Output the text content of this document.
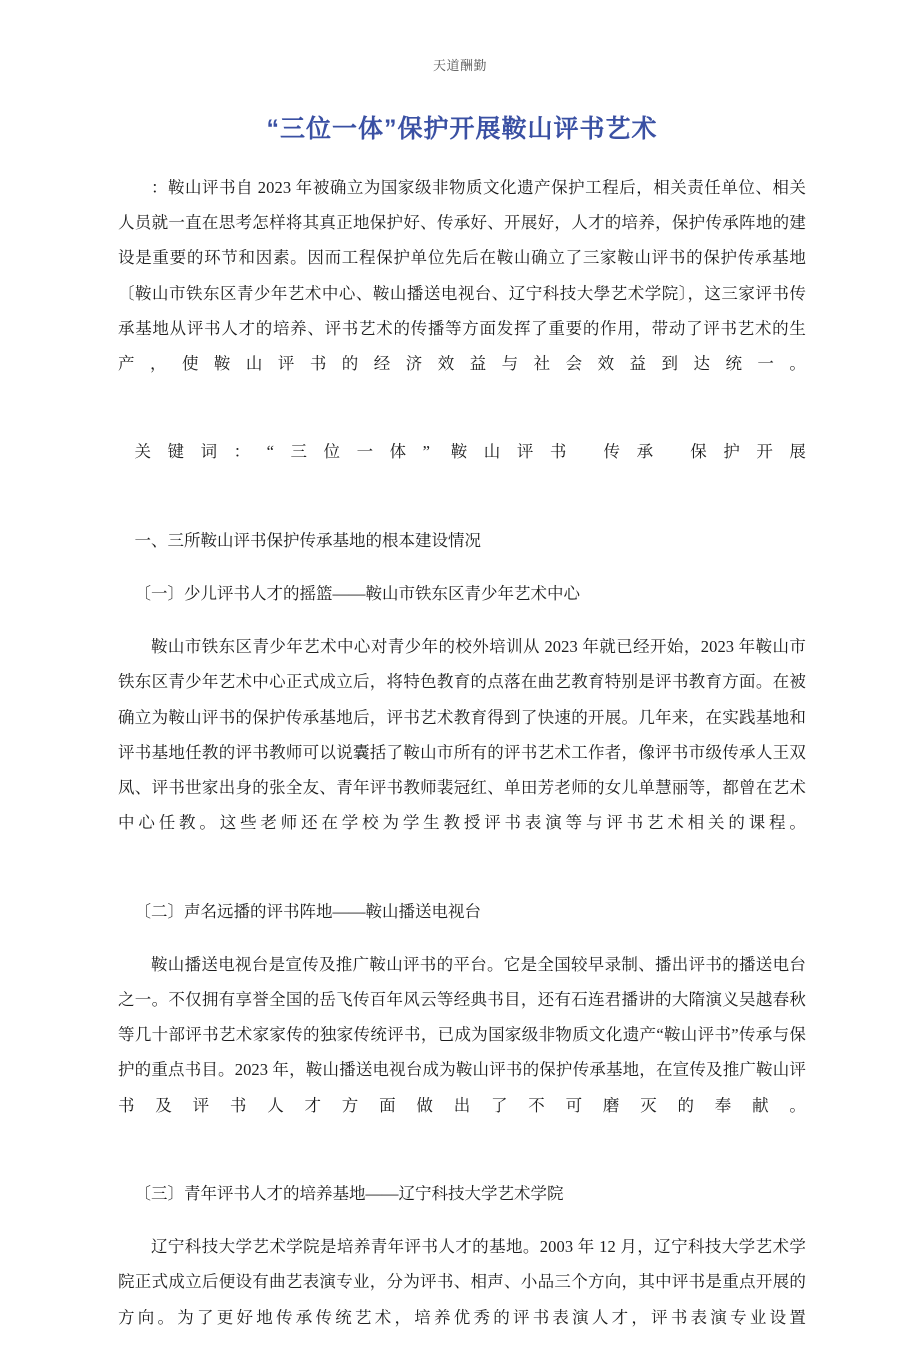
天道酬勤
“三位一体”保护开展鞍山评书艺术

：鞍山评书自 2023 年被确立为国家级非物质文化遗产保护工程后，相关责任单位、相关人员就一直在思考怎样将其真正地保护好、传承好、开展好，人才的培养，保护传承阵地的建设是重要的环节和因素。因而工程保护单位先后在鞍山确立了三家鞍山评书的保护传承基地〔鞍山市铁东区青少年艺术中心、鞍山播送电视台、辽宁科技大學艺术学院〕，这三家评书传承基地从评书人才的培养、评书艺术的传播等方面发挥了重要的作用，带动了评书艺术的生产，使鞍山评书的经济效益与社会效益到达统一。

关键词：“三位一体” 鞍山评书 传承 保护开展

一、三所鞍山评书保护传承基地的根本建设情况

〔一〕少儿评书人才的摇篮——鞍山市铁东区青少年艺术中心

鞍山市铁东区青少年艺术中心对青少年的校外培训从 2023 年就已经开始，2023 年鞍山市铁东区青少年艺术中心正式成立后，将特色教育的点落在曲艺教育特别是评书教育方面。在被确立为鞍山评书的保护传承基地后，评书艺术教育得到了快速的开展。几年来，在实践基地和评书基地任教的评书教师可以说囊括了鞍山市所有的评书艺术工作者，像评书市级传承人王双凤、评书世家出身的张全友、青年评书教师裴冠红、单田芳老师的女儿单慧丽等，都曾在艺术中心任教。这些老师还在学校为学生教授评书表演等与评书艺术相关的课程。

〔二〕声名远播的评书阵地——鞍山播送电视台

鞍山播送电视台是宣传及推广鞍山评书的平台。它是全国较早录制、播出评书的播送电台之一。不仅拥有享誉全国的岳飞传百年风云等经典书目，还有石连君播讲的大隋演义吴越春秋等几十部评书艺术家家传的独家传统评书，已成为国家级非物质文化遗产“鞍山评书”传承与保护的重点书目。2023 年，鞍山播送电视台成为鞍山评书的保护传承基地，在宣传及推广鞍山评书及评书人才方面做出了不可磨灭的奉献。

〔三〕青年评书人才的培养基地——辽宁科技大学艺术学院

辽宁科技大学艺术学院是培养青年评书人才的基地。2003 年 12 月，辽宁科技大学艺术学院正式成立后便设有曲艺表演专业，分为评书、相声、小品三个方向，其中评书是重点开展的方向。为了更好地传承传统艺术，培养优秀的评书表演人才，评书表演专业设置
